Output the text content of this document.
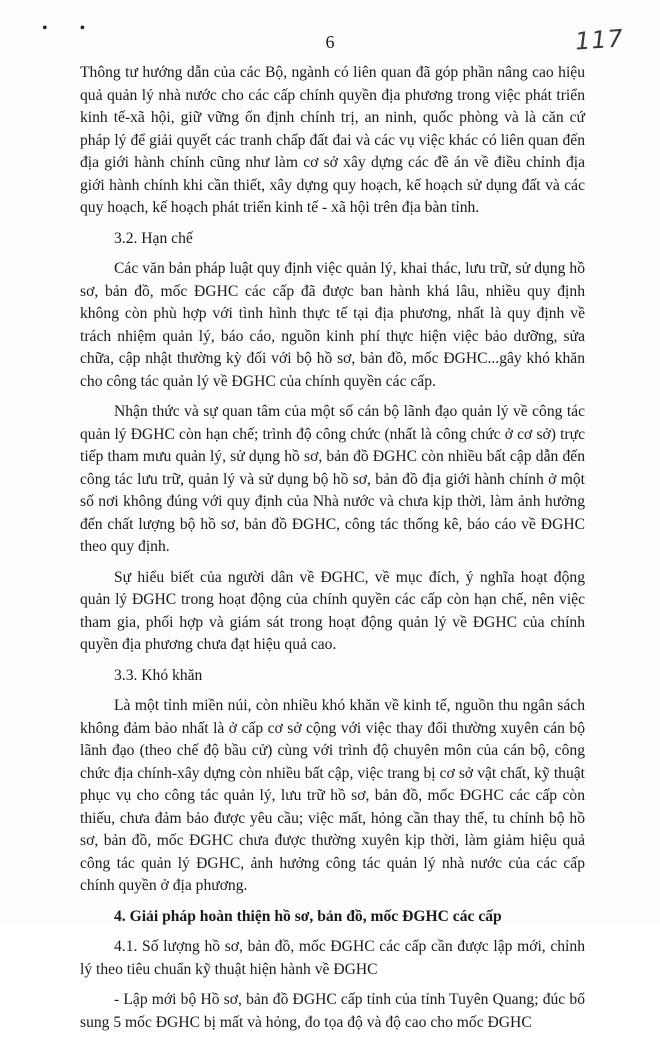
• •
6	117

Thông tư hướng dẫn của các Bộ, ngành có liên quan đã góp phần nâng cao hiệu quả quản lý nhà nước cho các cấp chính quyền địa phương trong việc phát triển kinh tế-xã hội, giữ vững ổn định chính trị, an ninh, quốc phòng và là căn cứ pháp lý để giải quyết các tranh chấp đất đai và các vụ việc khác có liên quan đến địa giới hành chính cũng như làm cơ sở xây dựng các đề án về điều chỉnh địa giới hành chính khi cần thiết, xây dựng quy hoạch, kế hoạch sử dụng đất và các quy hoạch, kế hoạch phát triển kinh tế - xã hội trên địa bàn tỉnh.

3.2. Hạn chế

Các văn bản pháp luật quy định việc quản lý, khai thác, lưu trữ, sử dụng hồ sơ, bản đồ, mốc ĐGHC các cấp đã được ban hành khá lâu, nhiều quy định không còn phù hợp với tình hình thực tế tại địa phương, nhất là quy định về trách nhiệm quản lý, báo cáo, nguồn kinh phí thực hiện việc bảo dưỡng, sửa chữa, cập nhật thường kỳ đối với bộ hồ sơ, bản đồ, mốc ĐGHC...gây khó khăn cho công tác quản lý về ĐGHC của chính quyền các cấp.

Nhận thức và sự quan tâm của một số cán bộ lãnh đạo quản lý về công tác quản lý ĐGHC còn hạn chế; trình độ công chức (nhất là công chức ở cơ sở) trực tiếp tham mưu quản lý, sử dụng hồ sơ, bản đồ ĐGHC còn nhiều bất cập dẫn đến công tác lưu trữ, quản lý và sử dụng bộ hồ sơ, bản đồ địa giới hành chính ở một số nơi không đúng với quy định của Nhà nước và chưa kịp thời, làm ảnh hưởng đến chất lượng bộ hồ sơ, bản đồ ĐGHC, công tác thống kê, báo cáo về ĐGHC theo quy định.

Sự hiểu biết của người dân về ĐGHC, về mục đích, ý nghĩa hoạt động quản lý ĐGHC trong hoạt động của chính quyền các cấp còn hạn chế, nên việc tham gia, phối hợp và giám sát trong hoạt động quản lý về ĐGHC của chính quyền địa phương chưa đạt hiệu quả cao.

3.3. Khó khăn

Là một tỉnh miền núi, còn nhiều khó khăn về kinh tế, nguồn thu ngân sách không đảm bảo nhất là ở cấp cơ sở cộng với việc thay đổi thường xuyên cán bộ lãnh đạo (theo chế độ bầu cử) cùng với trình độ chuyên môn của cán bộ, công chức địa chính-xây dựng còn nhiều bất cập, việc trang bị cơ sở vật chất, kỹ thuật phục vụ cho công tác quản lý, lưu trữ hồ sơ, bản đồ, mốc ĐGHC các cấp còn thiếu, chưa đảm bảo được yêu cầu; việc mất, hỏng cần thay thế, tu chỉnh bộ hồ sơ, bản đồ, mốc ĐGHC chưa được thường xuyên kịp thời, làm giảm hiệu quả công tác quản lý ĐGHC, ảnh hưởng công tác quản lý nhà nước của các cấp chính quyền ở địa phương.

4. Giải pháp hoàn thiện hồ sơ, bản đồ, mốc ĐGHC các cấp

4.1. Số lượng hồ sơ, bản đồ, mốc ĐGHC các cấp cần được lập mới, chỉnh lý theo tiêu chuẩn kỹ thuật hiện hành về ĐGHC

- Lập mới bộ Hồ sơ, bản đồ ĐGHC cấp tỉnh của tỉnh Tuyên Quang; đúc bổ sung 5 mốc ĐGHC bị mất và hỏng, đo tọa độ và độ cao cho mốc ĐGHC
